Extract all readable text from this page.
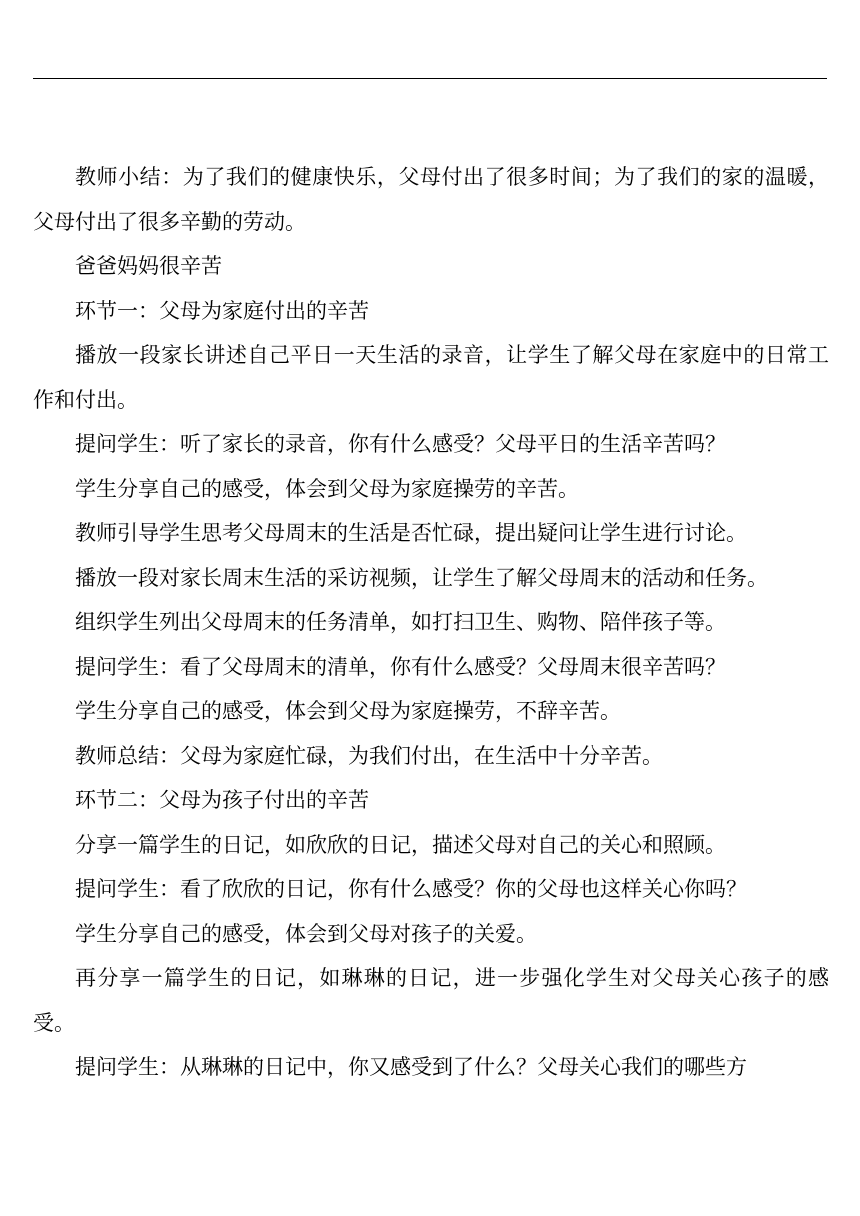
教师小结：为了我们的健康快乐，父母付出了很多时间；为了我们的家的温暖，父母付出了很多辛勤的劳动。

爸爸妈妈很辛苦

环节一：父母为家庭付出的辛苦

播放一段家长讲述自己平日一天生活的录音，让学生了解父母在家庭中的日常工作和付出。

提问学生：听了家长的录音，你有什么感受？父母平日的生活辛苦吗？

学生分享自己的感受，体会到父母为家庭操劳的辛苦。

教师引导学生思考父母周末的生活是否忙碌，提出疑问让学生进行讨论。

播放一段对家长周末生活的采访视频，让学生了解父母周末的活动和任务。

组织学生列出父母周末的任务清单，如打扫卫生、购物、陪伴孩子等。

提问学生：看了父母周末的清单，你有什么感受？父母周末很辛苦吗？

学生分享自己的感受，体会到父母为家庭操劳，不辞辛苦。

教师总结：父母为家庭忙碌，为我们付出，在生活中十分辛苦。

环节二：父母为孩子付出的辛苦

分享一篇学生的日记，如欣欣的日记，描述父母对自己的关心和照顾。

提问学生：看了欣欣的日记，你有什么感受？你的父母也这样关心你吗？

学生分享自己的感受，体会到父母对孩子的关爱。

再分享一篇学生的日记，如琳琳的日记，进一步强化学生对父母关心孩子的感受。

提问学生：从琳琳的日记中，你又感受到了什么？父母关心我们的哪些方
